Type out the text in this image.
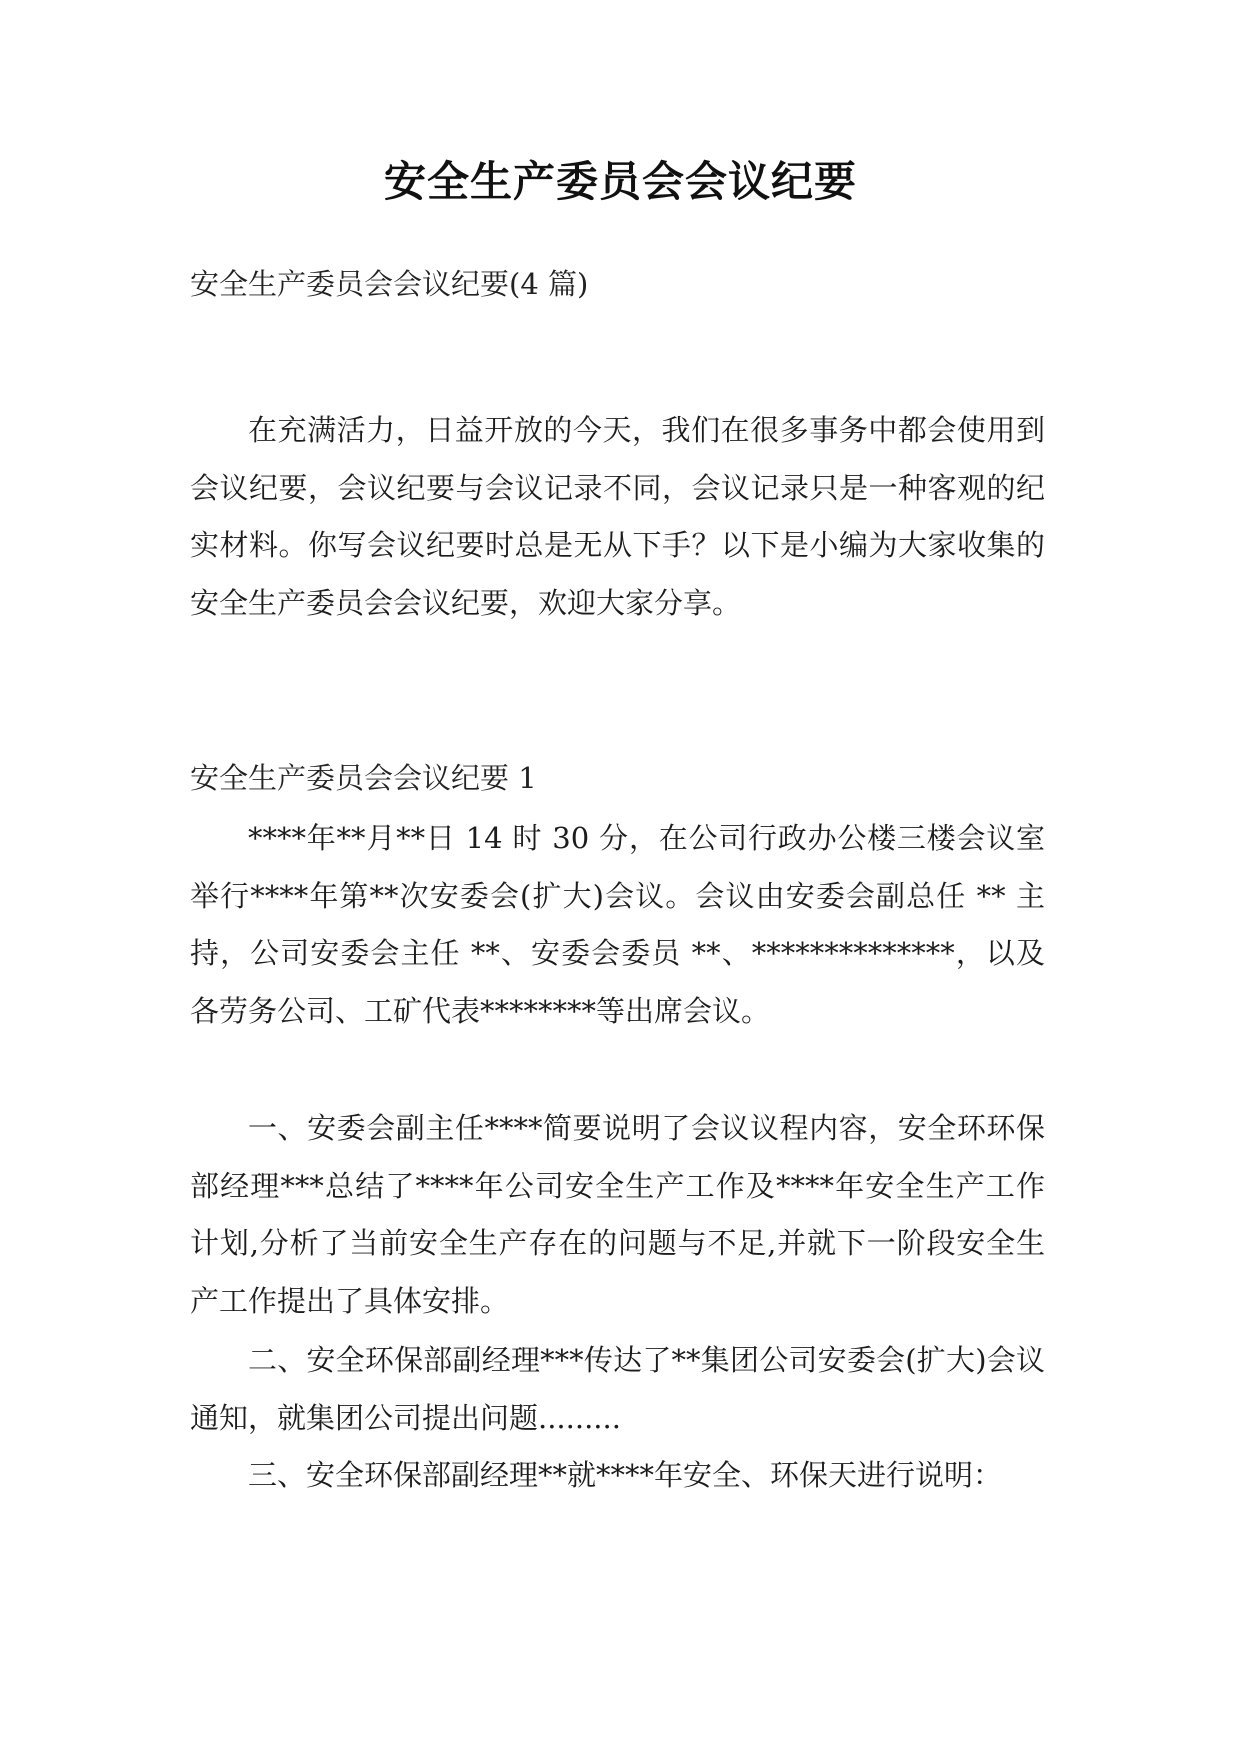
安全生产委员会会议纪要
安全生产委员会会议纪要(4 篇)

在充满活力，日益开放的今天，我们在很多事务中都会使用到会议纪要，会议纪要与会议记录不同，会议记录只是一种客观的纪实材料。你写会议纪要时总是无从下手？以下是小编为大家收集的安全生产委员会会议纪要，欢迎大家分享。

安全生产委员会会议纪要 1

****年**月**日 14 时 30 分，在公司行政办公楼三楼会议室举行****年第**次安委会(扩大)会议。会议由安委会副总任 ** 主持，公司安委会主任 **、安委会委员 **、**************，以及各劳务公司、工矿代表********等出席会议。

一、安委会副主任****简要说明了会议议程内容，安全环环保部经理***总结了****年公司安全生产工作及****年安全生产工作计划,分析了当前安全生产存在的问题与不足,并就下一阶段安全生产工作提出了具体安排。

二、安全环保部副经理***传达了**集团公司安委会(扩大)会议通知，就集团公司提出问题.........

三、安全环保部副经理**就****年安全、环保天进行说明：
